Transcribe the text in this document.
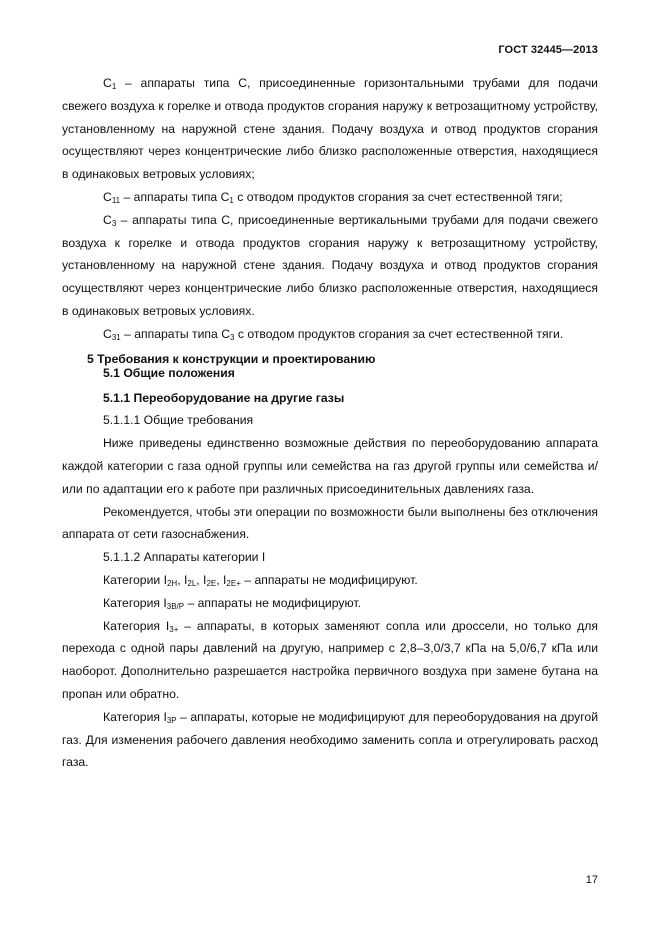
ГОСТ 32445—2013

$C_1$ – аппараты типа С, присоединенные горизонтальными трубами для подачи свежего воздуха к горелке и отвода продуктов сгорания наружу к ветрозащитному устройству, установленному на наружной стене здания. Подачу воздуха и отвод продуктов сгорания осуществляют через концентрические либо близко расположенные отверстия, находящиеся в одинаковых ветровых условиях;

$C_{11}$ – аппараты типа $С_1$ с отводом продуктов сгорания за счет естественной тяги;

$C_3$ – аппараты типа С, присоединенные вертикальными трубами для подачи свежего воздуха к горелке и отвода продуктов сгорания наружу к ветрозащитному устройству, установленному на наружной стене здания. Подачу воздуха и отвод продуктов сгорания осуществляют через концентрические либо близко расположенные отверстия, находящиеся в одинаковых ветровых условиях.

$C_{31}$ – аппараты типа $С_3$ с отводом продуктов сгорания за счет естественной тяги.

5 Требования к конструкции и проектированию

5.1 Общие положения

5.1.1 Переоборудование на другие газы

5.1.1.1 Общие требования

Ниже приведены единственно возможные действия по переоборудованию аппарата каждой категории с газа одной группы или семейства на газ другой группы или семейства и/или по адаптации его к работе при различных присоединительных давлениях газа.

Рекомендуется, чтобы эти операции по возможности были выполнены без отключения аппарата от сети газоснабжения.

5.1.1.2 Аппараты категории I

Категории $I_{2H}$, $I_{2L}$, $I_{2E}$, $I_{2E+}$ – аппараты не модифицируют.

Категория $I_{3B/P}$ – аппараты не модифицируют.

Категория $I_{3+}$ – аппараты, в которых заменяют сопла или дроссели, но только для перехода с одной пары давлений на другую, например с 2,8–3,0/3,7 кПа на 5,0/6,7 кПа или наоборот. Дополнительно разрешается настройка первичного воздуха при замене бутана на пропан или обратно.

Категория $I_{3P}$ – аппараты, которые не модифицируют для переоборудования на другой газ. Для изменения рабочего давления необходимо заменить сопла и отрегулировать расход газа.

17
